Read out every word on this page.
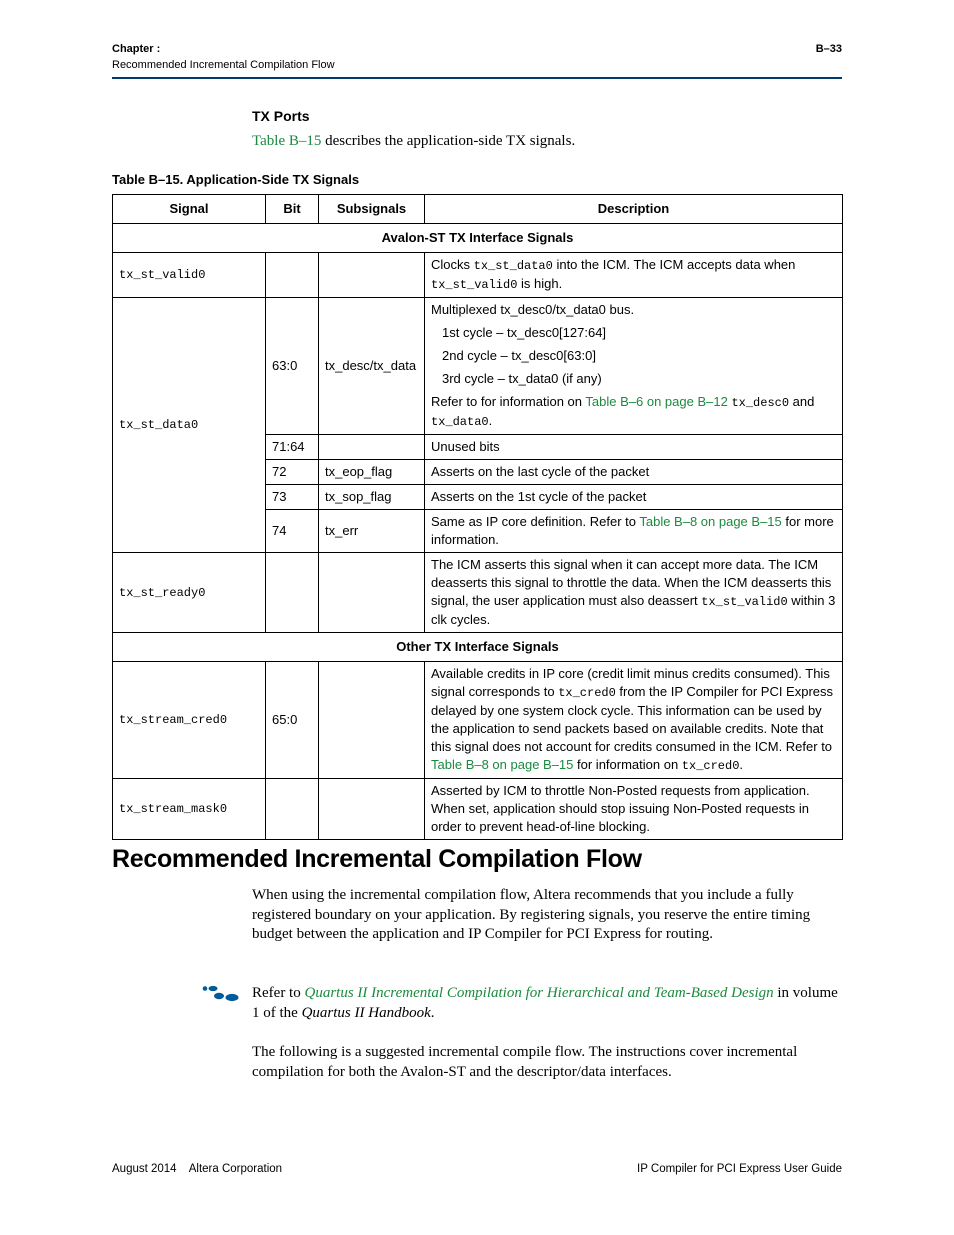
Chapter :
Recommended Incremental Compilation Flow
B–33
TX Ports
Table B–15 describes the application-side TX signals.
Table B–15. Application-Side TX Signals
Signal	Bit	Subsignals	Description
Avalon-ST TX Interface Signals			
tx_st_valid0			Clocks tx_st_data0 into the ICM. The ICM accepts data when tx_st_valid0 is high.
tx_st_data0	63:0	tx_desc/tx_data	Multiplexed tx_desc0/tx_data0 bus.
1st cycle – tx_desc0[127:64]
2nd cycle – tx_desc0[63:0]
3rd cycle – tx_data0 (if any)
Refer to for information on Table B–6 on page B–12 tx_desc0 and tx_data0.

	71:64		Unused bits
	72	tx_eop_flag	Asserts on the last cycle of the packet
	73	tx_sop_flag	Asserts on the 1st cycle of the packet
	74	tx_err	Same as IP core definition. Refer to Table B–8 on page B–15 for more information.
tx_st_ready0			The ICM asserts this signal when it can accept more data. The ICM deasserts this signal to throttle the data. When the ICM deasserts this signal, the user application must also deassert tx_st_valid0 within 3 clk cycles.
Other TX Interface Signals			
tx_stream_cred0	65:0		Available credits in IP core (credit limit minus credits consumed). This signal corresponds to tx_cred0 from the IP Compiler for PCI Express delayed by one system clock cycle. This information can be used by the application to send packets based on available credits. Note that this signal does not account for credits consumed in the ICM. Refer to Table B–8 on page B–15 for information on tx_cred0.
tx_stream_mask0			Asserted by ICM to throttle Non-Posted requests from application. When set, application should stop issuing Non-Posted requests in order to prevent head-of-line blocking.
Recommended Incremental Compilation Flow
When using the incremental compilation flow, Altera recommends that you include a fully registered boundary on your application. By registering signals, you reserve the entire timing budget between the application and IP Compiler for PCI Express for routing.
Refer to Quartus II Incremental Compilation for Hierarchical and Team-Based Design in volume 1 of the Quartus II Handbook.
The following is a suggested incremental compile flow. The instructions cover incremental compilation for both the Avalon-ST and the descriptor/data interfaces.
August 2014    Altera Corporation	IP Compiler for PCI Express User Guide
